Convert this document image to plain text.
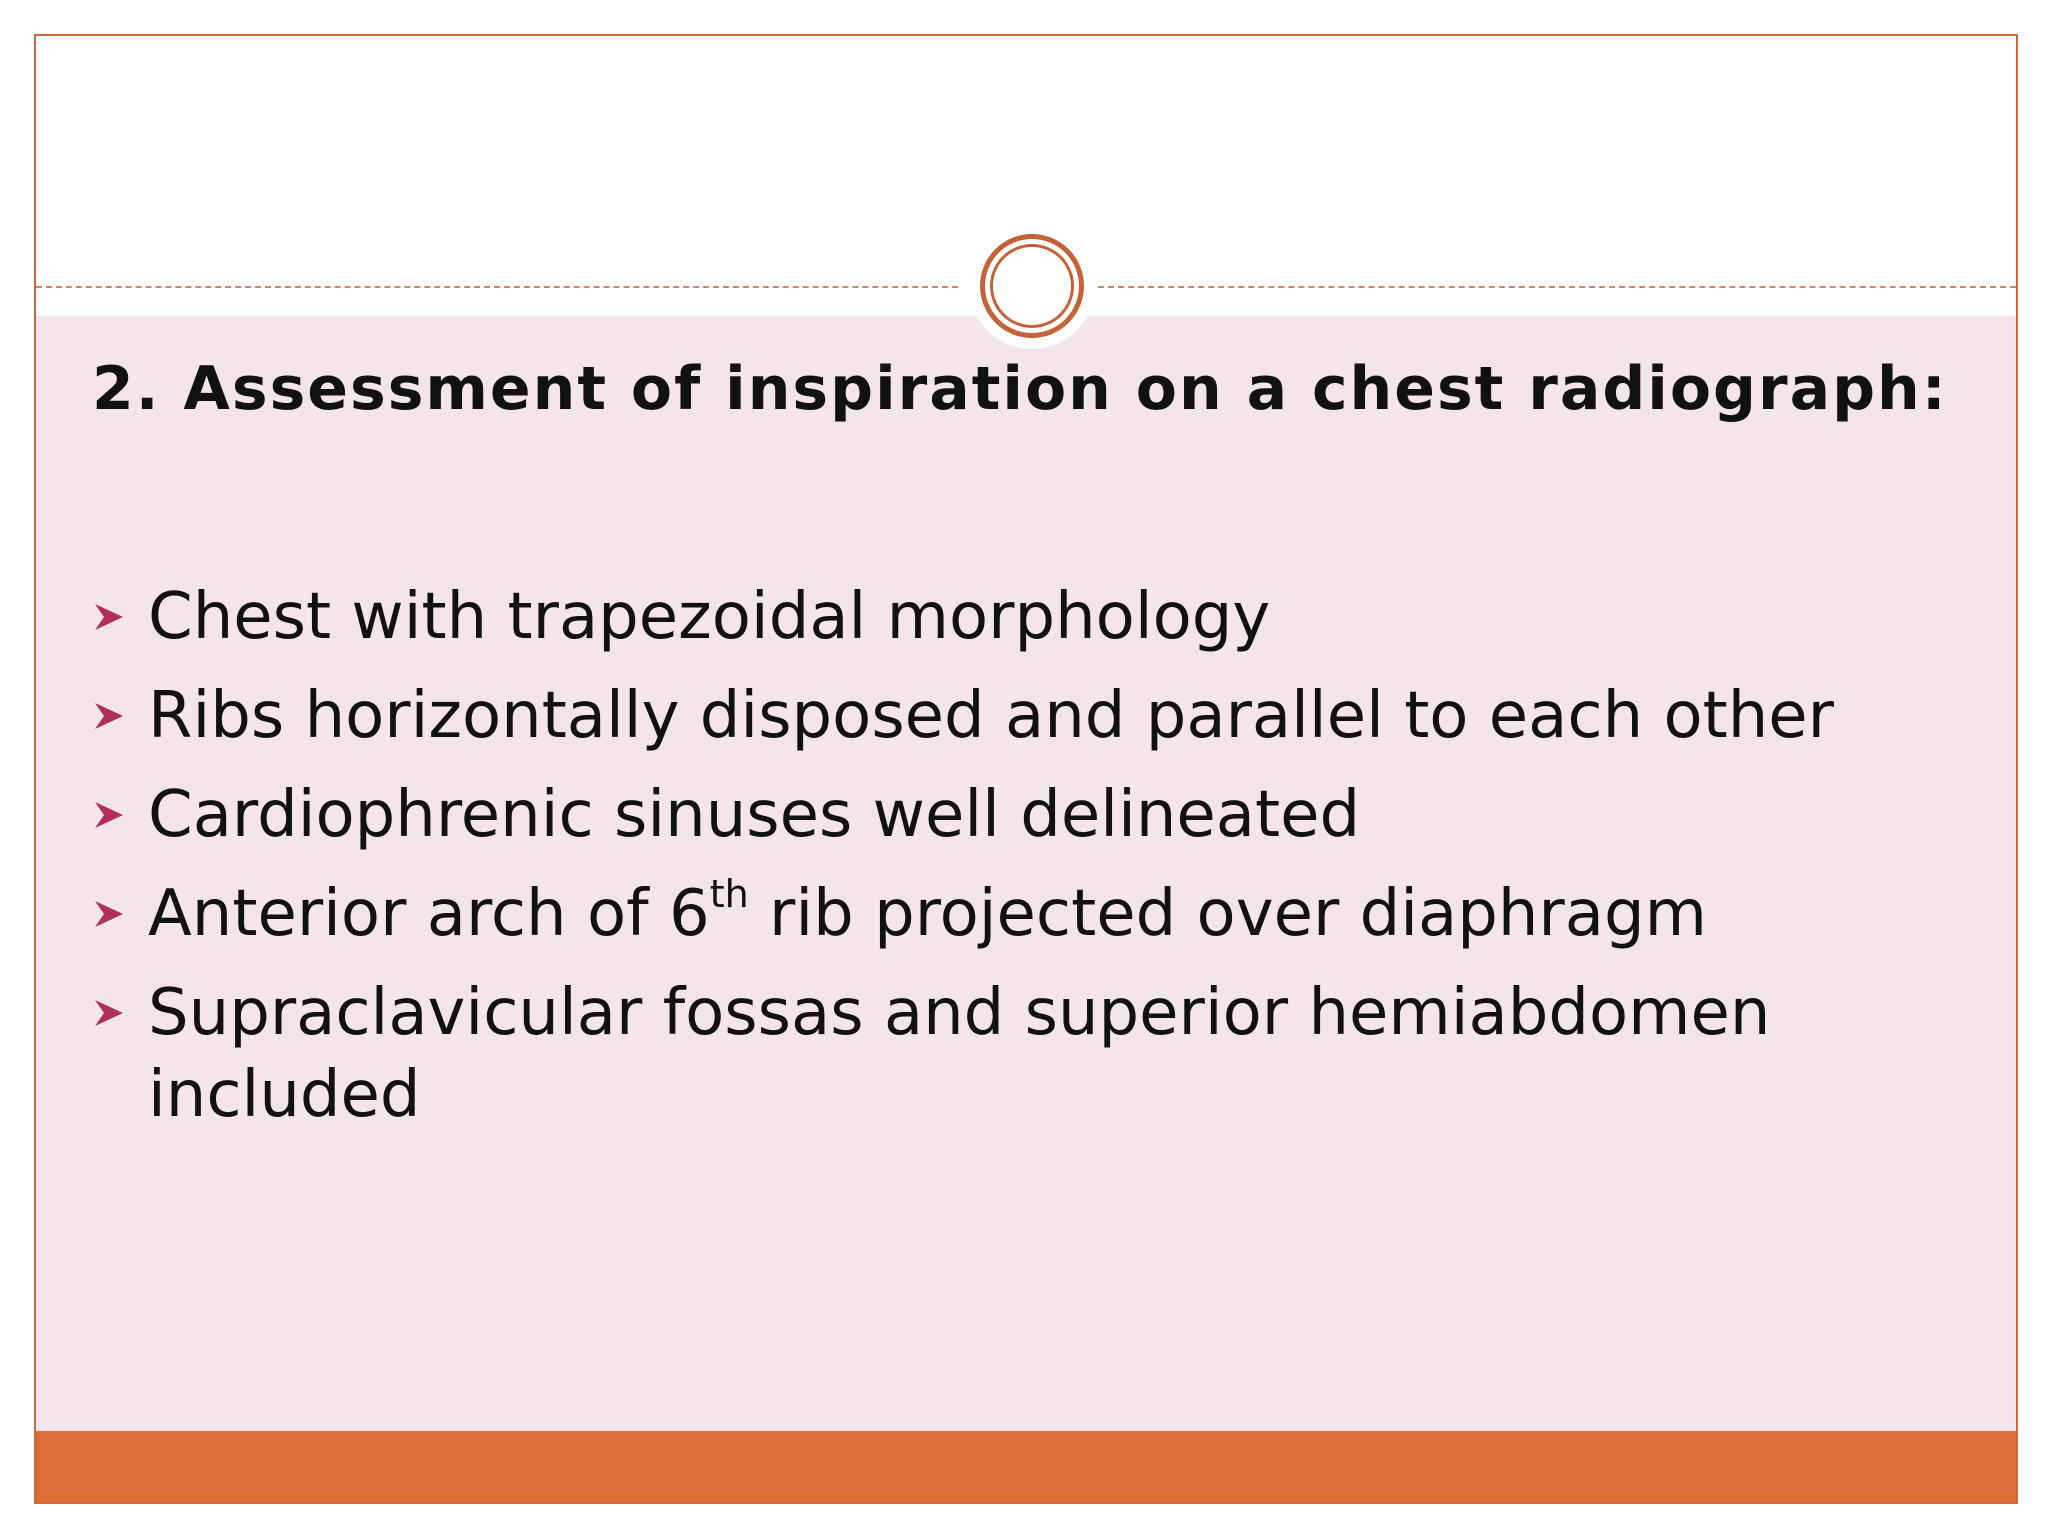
2. Assessment of inspiration on a chest radiograph:
Chest with trapezoidal morphology
Ribs horizontally disposed and parallel to each other
Cardiophrenic sinuses well delineated
Anterior arch of 6th rib projected over diaphragm
Supraclavicular fossas and superior hemiabdomen included
